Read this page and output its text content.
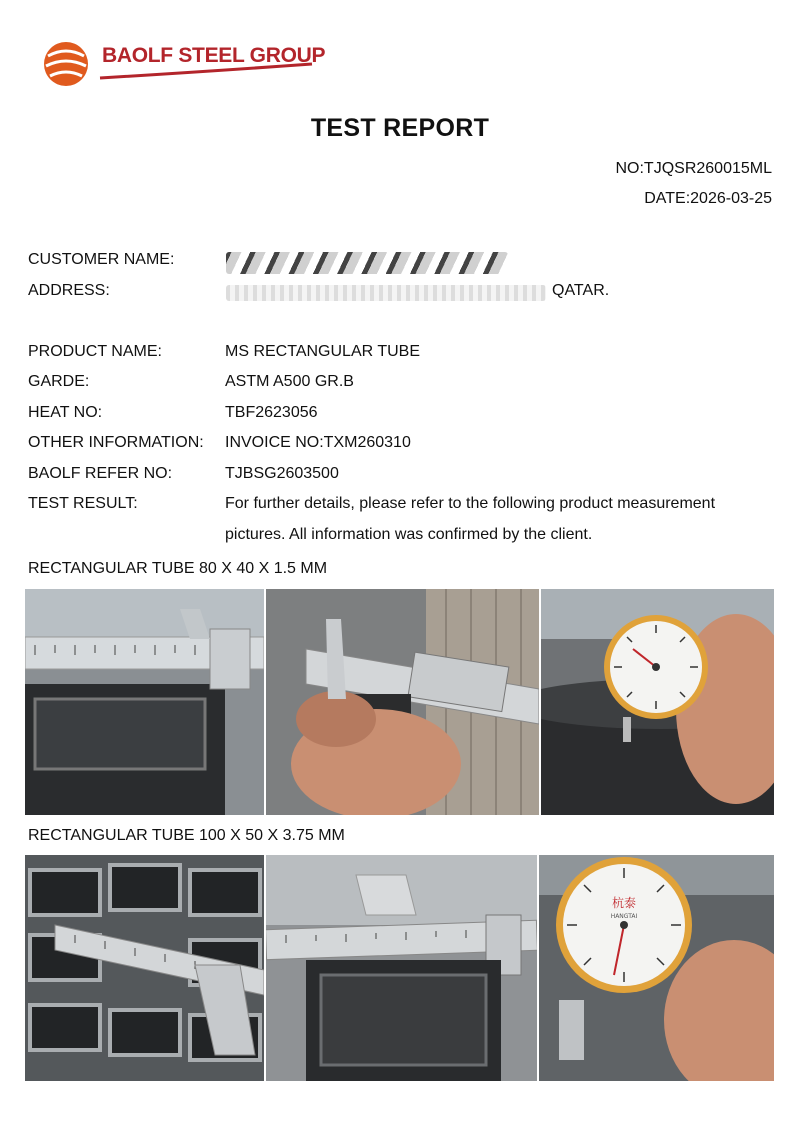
BAOLF STEEL GROUP
TEST REPORT
NO:TJQSR260015ML
DATE:2026-03-25
CUSTOMER NAME:
ADDRESS:	QATAR.
PRODUCT NAME:	MS RECTANGULAR TUBE
GARDE:	ASTM A500 GR.B
HEAT NO:	TBF2623056
OTHER INFORMATION: INVOICE NO:TXM260310
BAOLF REFER NO:	TJBSG2603500
TEST RESULT:	For further details, please refer to the following product measurement
pictures. All information was confirmed by the client.
RECTANGULAR TUBE 80 X 40 X 1.5 MM
RECTANGULAR TUBE 100 X 50 X 3.75 MM
杭泰
HANGTAI
